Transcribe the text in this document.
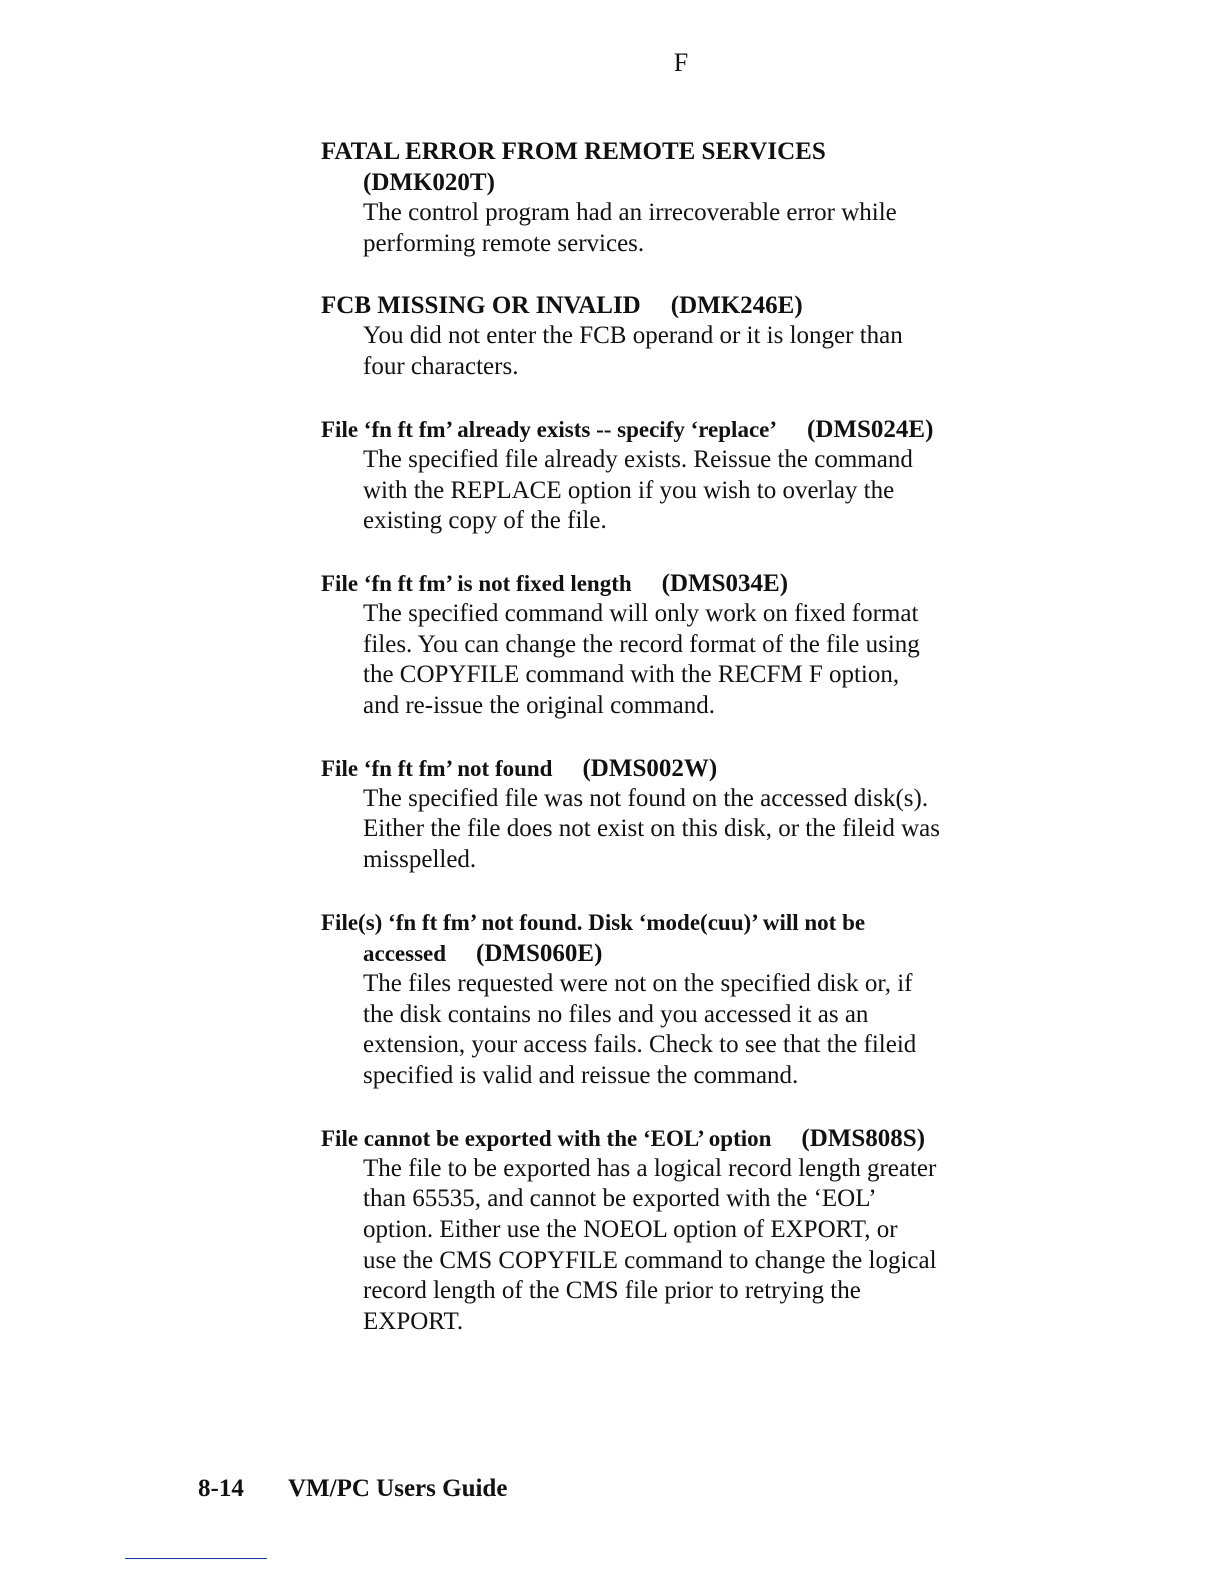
F

FATAL ERROR FROM REMOTE SERVICES
(DMK020T)

The control program had an irrecoverable error while
performing remote services.

FCB MISSING OR INVALID (DMK246E)

You did not enter the FCB operand or it is longer than
four characters.

File ‘fn ft fm’ already exists -- specify ‘replace’ (DMS024E)

The specified file already exists. Reissue the command
with the REPLACE option if you wish to overlay the
existing copy of the file.

File ‘fn ft fm’ is not fixed length (DMS034E)

The specified command will only work on fixed format
files. You can change the record format of the file using
the COPYFILE command with the RECFM F option,
and re-issue the original command.

File ‘fn ft fm’ not found (DMS002W)

The specified file was not found on the accessed disk(s).
Either the file does not exist on this disk, or the fileid was
misspelled.

File(s) ‘fn ft fm’ not found. Disk ‘mode(cuu)’ will not be
accessed (DMS060E)

The files requested were not on the specified disk or, if
the disk contains no files and you accessed it as an
extension, your access fails. Check to see that the fileid
specified is valid and reissue the command.

File cannot be exported with the ‘EOL’ option (DMS808S)

The file to be exported has a logical record length greater
than 65535, and cannot be exported with the ‘EOL’
option. Either use the NOEOL option of EXPORT, or
use the CMS COPYFILE command to change the logical
record length of the CMS file prior to retrying the
EXPORT.

8-14 VM/PC Users Guide
